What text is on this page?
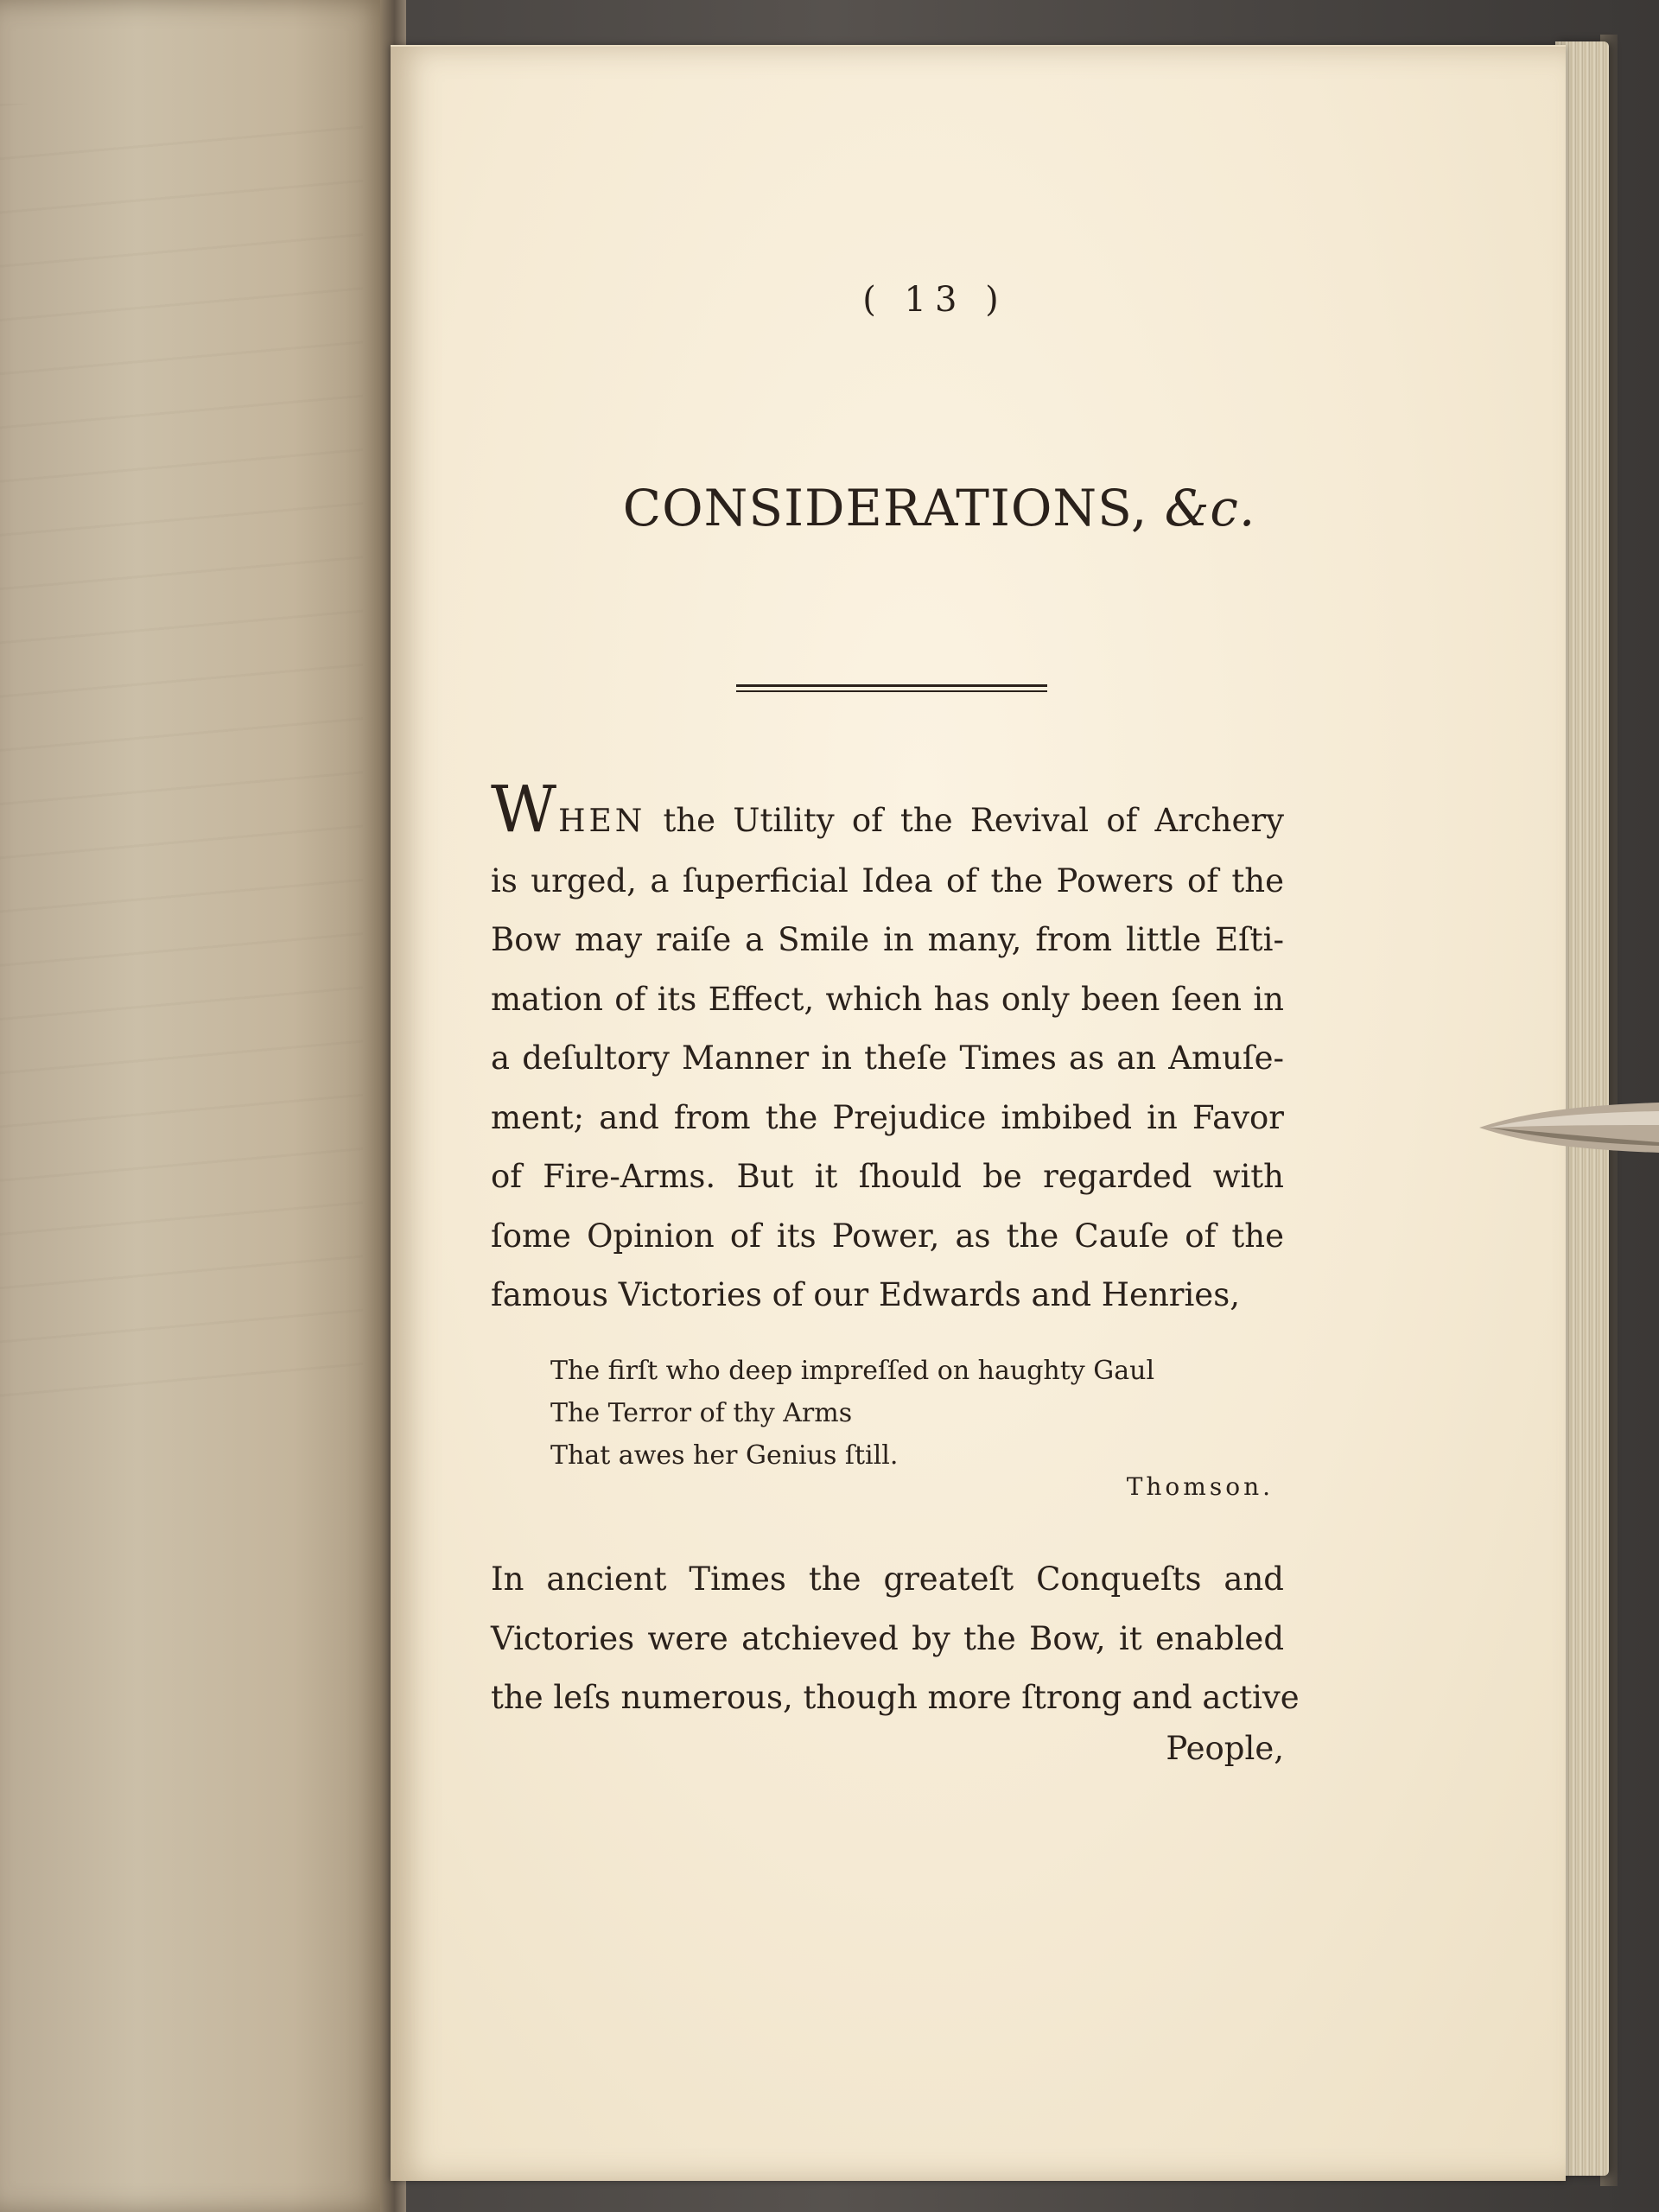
( 13 )

CONSIDERATIONS, &c.

WHEN the Utility of the Revival of Archery
is urged, a ſuperficial Idea of the Powers of the
Bow may raiſe a Smile in many, from little Eſti-
mation of its Effect, which has only been ſeen in
a deſultory Manner in theſe Times as an Amuſe-
ment; and from the Prejudice imbibed in Favor
of Fire-Arms. But it ſhould be regarded with
ſome Opinion of its Power, as the Cauſe of the
famous Victories of our Edwards and Henries,

The firſt who deep impreſſed on haughty Gaul
The Terror of thy Arms
That awes her Genius ſtill.

Thomson.

In ancient Times the greateſt Conqueſts and
Victories were atchieved by the Bow, it enabled
the leſs numerous, though more ſtrong and active

People,
